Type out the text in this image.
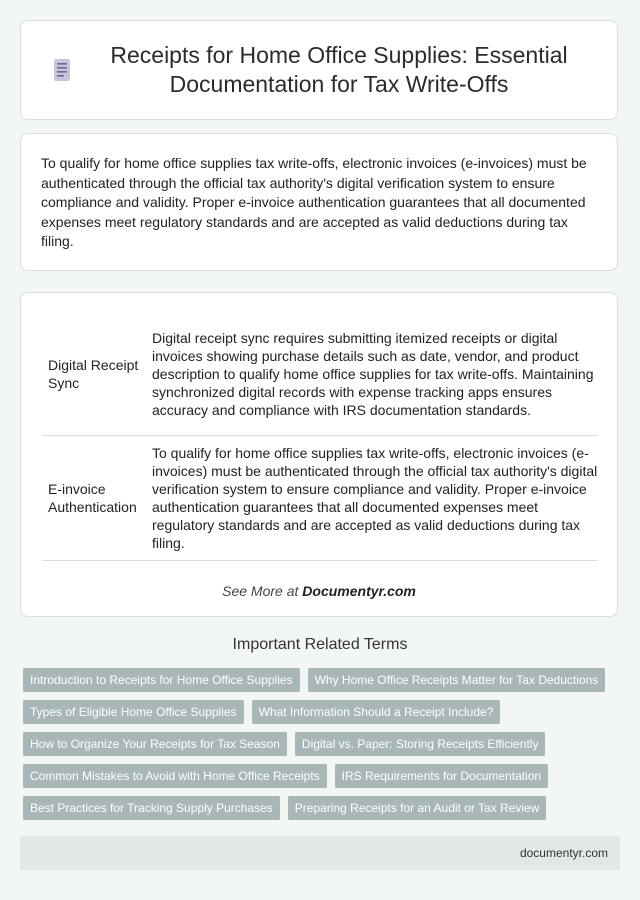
Receipts for Home Office Supplies: Essential Documentation for Tax Write-Offs

To qualify for home office supplies tax write-offs, electronic invoices (e-invoices) must be authenticated through the official tax authority's digital verification system to ensure compliance and validity. Proper e-invoice authentication guarantees that all documented expenses meet regulatory standards and are accepted as valid deductions during tax filing.

Digital Receipt Sync	Digital receipt sync requires submitting itemized receipts or digital invoices showing purchase details such as date, vendor, and product description to qualify home office supplies for tax write-offs. Maintaining synchronized digital records with expense tracking apps ensures accuracy and compliance with IRS documentation standards.
E-invoice Authentication	To qualify for home office supplies tax write-offs, electronic invoices (e-invoices) must be authenticated through the official tax authority's digital verification system to ensure compliance and validity. Proper e-invoice authentication guarantees that all documented expenses meet regulatory standards and are accepted as valid deductions during tax filing.
See More at Documentyr.com
Important Related Terms
Introduction to Receipts for Home Office Supplies	Why Home Office Receipts Matter for Tax Deductions
Types of Eligible Home Office Supplies	What Information Should a Receipt Include?
How to Organize Your Receipts for Tax Season	Digital vs. Paper: Storing Receipts Efficiently
Common Mistakes to Avoid with Home Office Receipts	IRS Requirements for Documentation
Best Practices for Tracking Supply Purchases	Preparing Receipts for an Audit or Tax Review
documentyr.com
